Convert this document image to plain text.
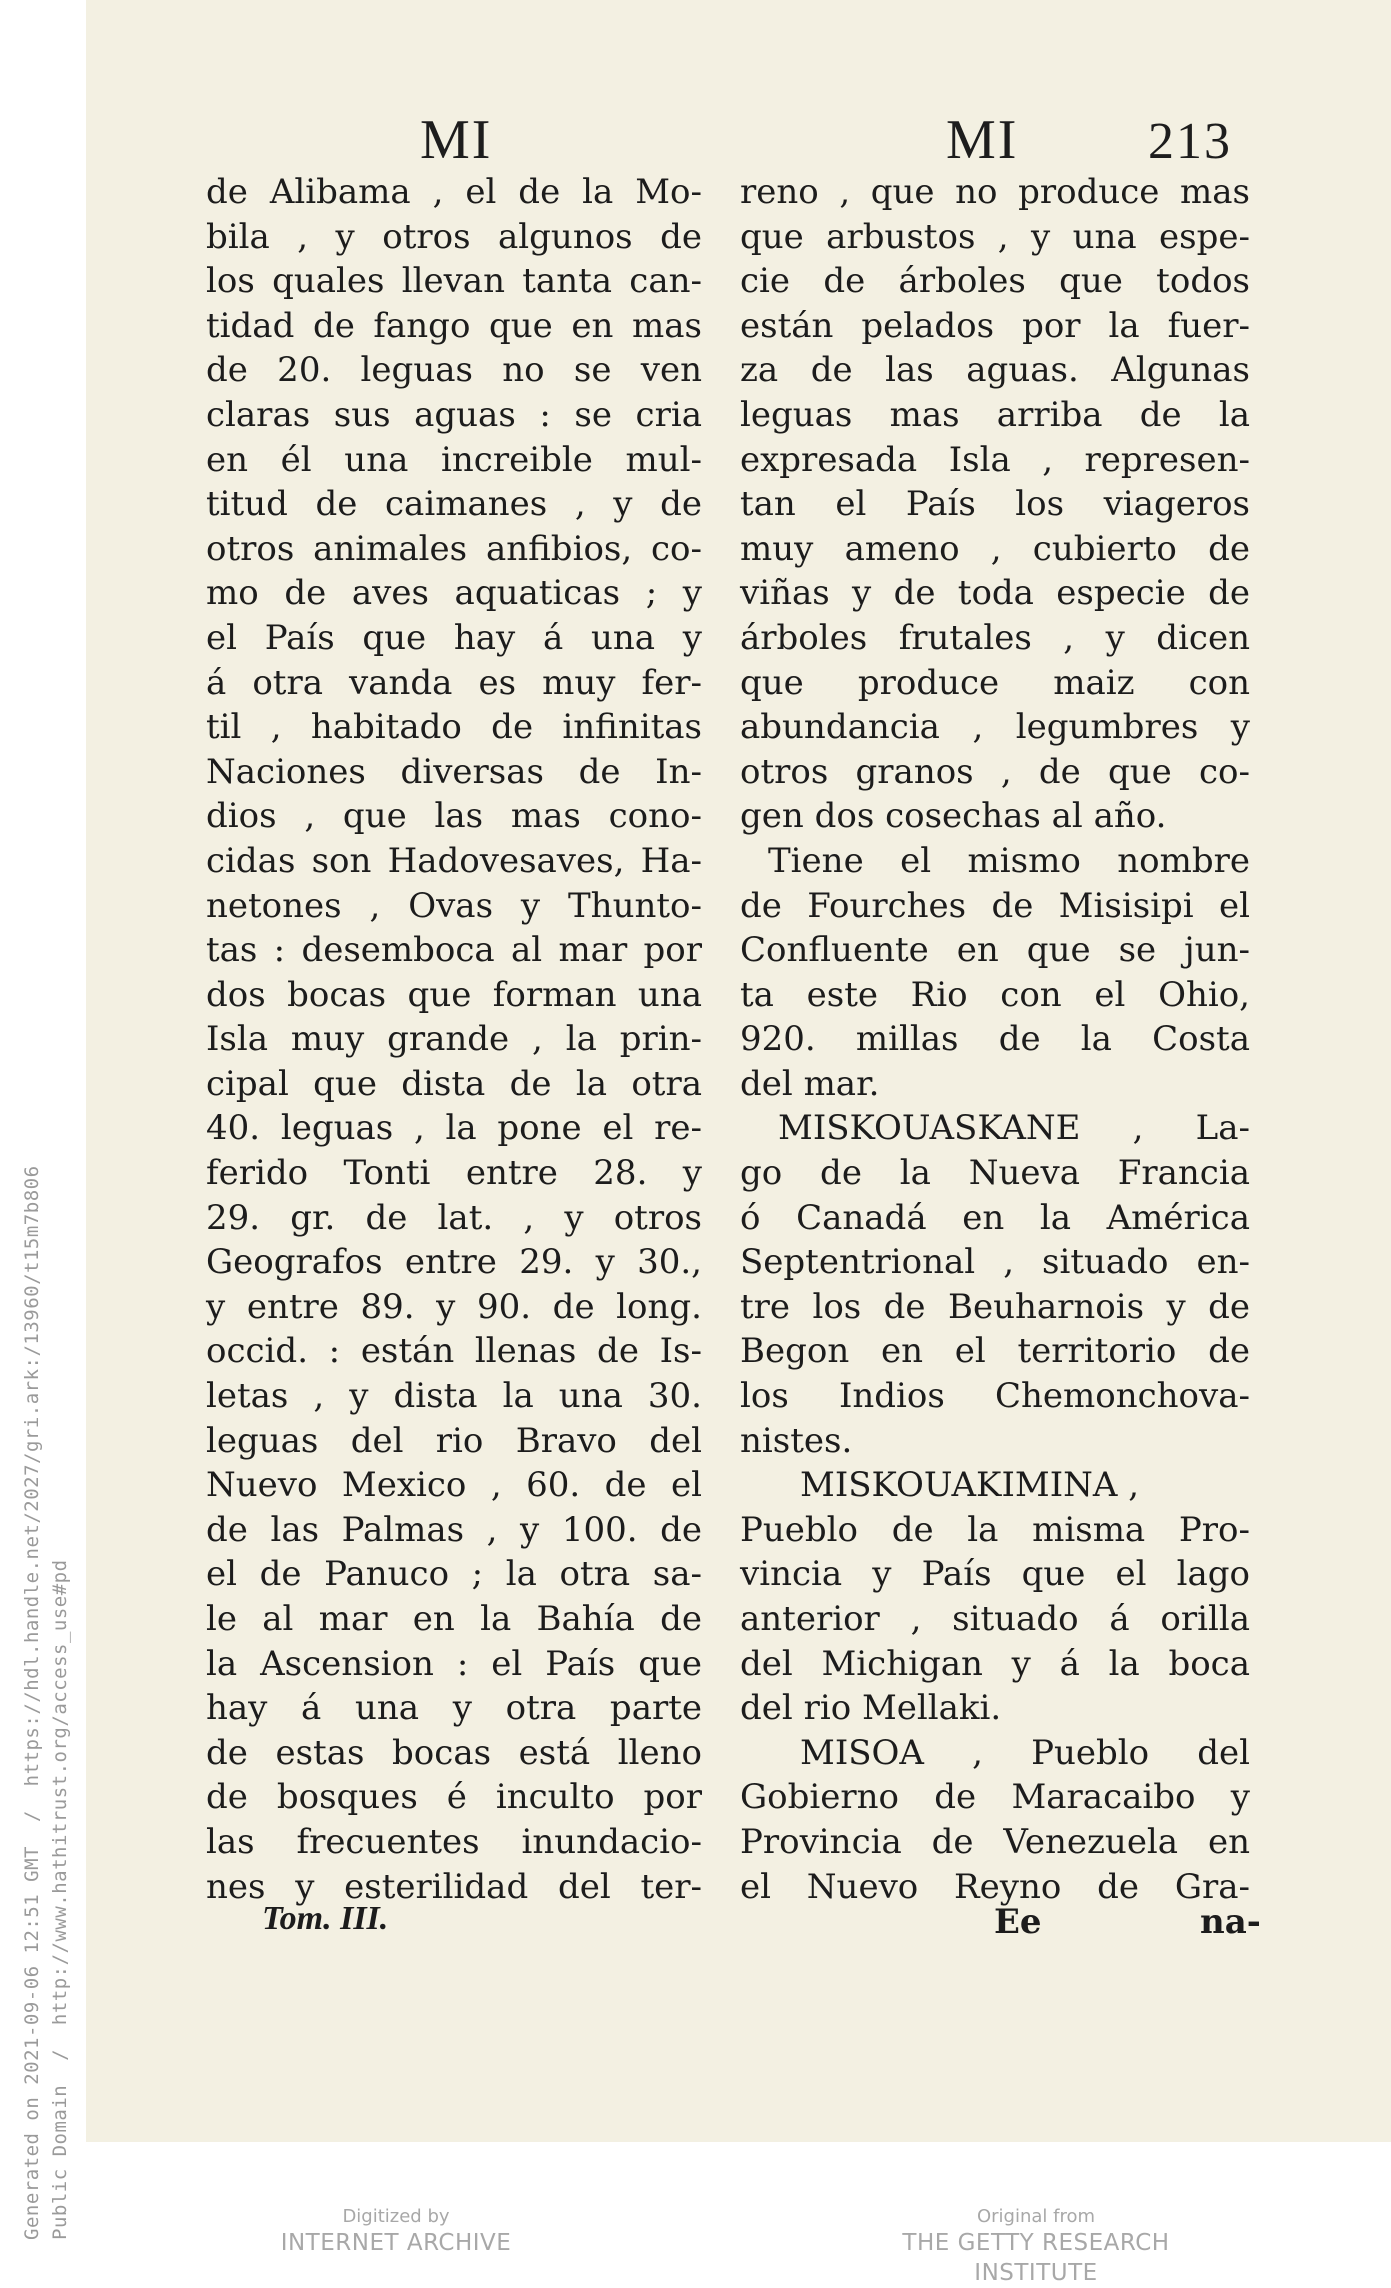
Generated on 2021-09-06 12:51 GMT  /  https://hdl.handle.net/2027/gri.ark:/13960/t15m7b806 Public Domain  /  http://www.hathitrust.org/access_use#pd
MI	MI 213
de Alibama , el de la Mo-
bila , y otros algunos de
los quales llevan tanta can-
tidad de fango que en mas
de 20. leguas no se ven
claras sus aguas : se cria
en él una increible mul-
titud de caimanes , y de
otros animales anfibios, co-
mo de aves aquaticas ; y
el País que hay á una y
á otra vanda es muy fer-
til , habitado de infinitas
Naciones diversas de In-
dios , que las mas cono-
cidas son Hadovesaves, Ha-
netones , Ovas y Thunto-
tas : desemboca al mar por
dos bocas que forman una
Isla muy grande , la prin-
cipal que dista de la otra
40. leguas , la pone el re-
ferido Tonti entre 28. y
29. gr. de lat. , y otros
Geografos entre 29. y 30.,
y entre 89. y 90. de long.
occid. : están llenas de Is-
letas , y dista la una 30.
leguas del rio Bravo del
Nuevo Mexico , 60. de el
de las Palmas , y 100. de
el de Panuco ; la otra sa-
le al mar en la Bahía de
la Ascension : el País que
hay á una y otra parte
de estas bocas está lleno
de bosques é inculto por
las frecuentes inundacio-
nes y esterilidad del ter-
reno , que no produce mas
que arbustos , y una espe-
cie de árboles que todos
están pelados por la fuer-
za de las aguas. Algunas
leguas mas arriba de la
expresada Isla , represen-
tan el País los viageros
muy ameno , cubierto de
viñas y de toda especie de
árboles frutales , y dicen
que produce maiz con
abundancia , legumbres y
otros granos , de que co-
gen dos cosechas al año.
Tiene el mismo nombre
de Fourches de Misisipi el
Confluente en que se jun-
ta este Rio con el Ohio,
920. millas de la Costa
del mar.
MISKOUASKANE , La-
go de la Nueva Francia
ó Canadá en la América
Septentrional , situado en-
tre los de Beuharnois y de
Begon en el territorio de
los Indios Chemonchova-
nistes.
MISKOUAKIMINA ,
Pueblo de la misma Pro-
vincia y País que el lago
anterior , situado á orilla
del Michigan y á la boca
del rio Mellaki.
MISOA , Pueblo del
Gobierno de Maracaibo y
Provincia de Venezuela en
el Nuevo Reyno de Gra-
Tom. III.	Ee	na-
Digitized by
INTERNET ARCHIVE
Original from
THE GETTY RESEARCH INSTITUTE
